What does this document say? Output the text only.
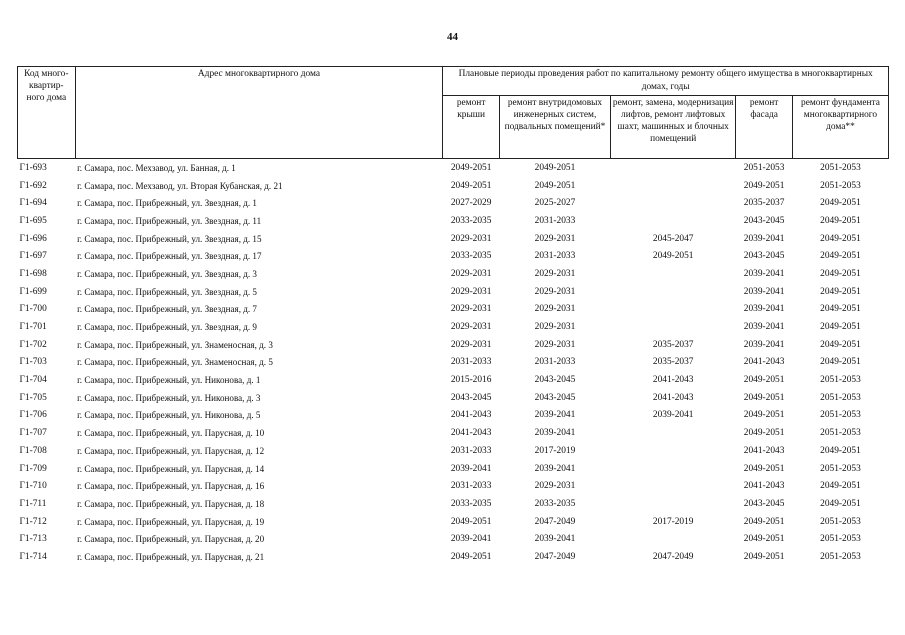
44
Код много- квартир- ного дома	Адрес многоквартирного дома	Плановые периоды проведения работ по капитальному ремонту общего имущества в многоквартирных домах, годы				
		ремонт крыши	ремонт внутридомовых инженерных систем, подвальных помещений*	ремонт, замена, модернизация лифтов, ремонт лифтовых шахт, машинных и блочных помещений	ремонт фасада	ремонт фундамента многоквартирного дома**
Г1-693	г. Самара, пос. Мехзавод, ул. Банная, д. 1	2049-2051	2049-2051		2051-2053	2051-2053
Г1-692	г. Самара, пос. Мехзавод, ул. Вторая Кубанская, д. 21	2049-2051	2049-2051		2049-2051	2051-2053
Г1-694	г. Самара, пос. Прибрежный, ул. Звездная, д. 1	2027-2029	2025-2027		2035-2037	2049-2051
Г1-695	г. Самара, пос. Прибрежный, ул. Звездная, д. 11	2033-2035	2031-2033		2043-2045	2049-2051
Г1-696	г. Самара, пос. Прибрежный, ул. Звездная, д. 15	2029-2031	2029-2031	2045-2047	2039-2041	2049-2051
Г1-697	г. Самара, пос. Прибрежный, ул. Звездная, д. 17	2033-2035	2031-2033	2049-2051	2043-2045	2049-2051
Г1-698	г. Самара, пос. Прибрежный, ул. Звездная, д. 3	2029-2031	2029-2031		2039-2041	2049-2051
Г1-699	г. Самара, пос. Прибрежный, ул. Звездная, д. 5	2029-2031	2029-2031		2039-2041	2049-2051
Г1-700	г. Самара, пос. Прибрежный, ул. Звездная, д. 7	2029-2031	2029-2031		2039-2041	2049-2051
Г1-701	г. Самара, пос. Прибрежный, ул. Звездная, д. 9	2029-2031	2029-2031		2039-2041	2049-2051
Г1-702	г. Самара, пос. Прибрежный, ул. Знаменосная, д. 3	2029-2031	2029-2031	2035-2037	2039-2041	2049-2051
Г1-703	г. Самара, пос. Прибрежный, ул. Знаменосная, д. 5	2031-2033	2031-2033	2035-2037	2041-2043	2049-2051
Г1-704	г. Самара, пос. Прибрежный, ул. Никонова, д. 1	2015-2016	2043-2045	2041-2043	2049-2051	2051-2053
Г1-705	г. Самара, пос. Прибрежный, ул. Никонова, д. 3	2043-2045	2043-2045	2041-2043	2049-2051	2051-2053
Г1-706	г. Самара, пос. Прибрежный, ул. Никонова, д. 5	2041-2043	2039-2041	2039-2041	2049-2051	2051-2053
Г1-707	г. Самара, пос. Прибрежный, ул. Парусная, д. 10	2041-2043	2039-2041		2049-2051	2051-2053
Г1-708	г. Самара, пос. Прибрежный, ул. Парусная, д. 12	2031-2033	2017-2019		2041-2043	2049-2051
Г1-709	г. Самара, пос. Прибрежный, ул. Парусная, д. 14	2039-2041	2039-2041		2049-2051	2051-2053
Г1-710	г. Самара, пос. Прибрежный, ул. Парусная, д. 16	2031-2033	2029-2031		2041-2043	2049-2051
Г1-711	г. Самара, пос. Прибрежный, ул. Парусная, д. 18	2033-2035	2033-2035		2043-2045	2049-2051
Г1-712	г. Самара, пос. Прибрежный, ул. Парусная, д. 19	2049-2051	2047-2049	2017-2019	2049-2051	2051-2053
Г1-713	г. Самара, пос. Прибрежный, ул. Парусная, д. 20	2039-2041	2039-2041		2049-2051	2051-2053
Г1-714	г. Самара, пос. Прибрежный, ул. Парусная, д. 21	2049-2051	2047-2049	2047-2049	2049-2051	2051-2053
